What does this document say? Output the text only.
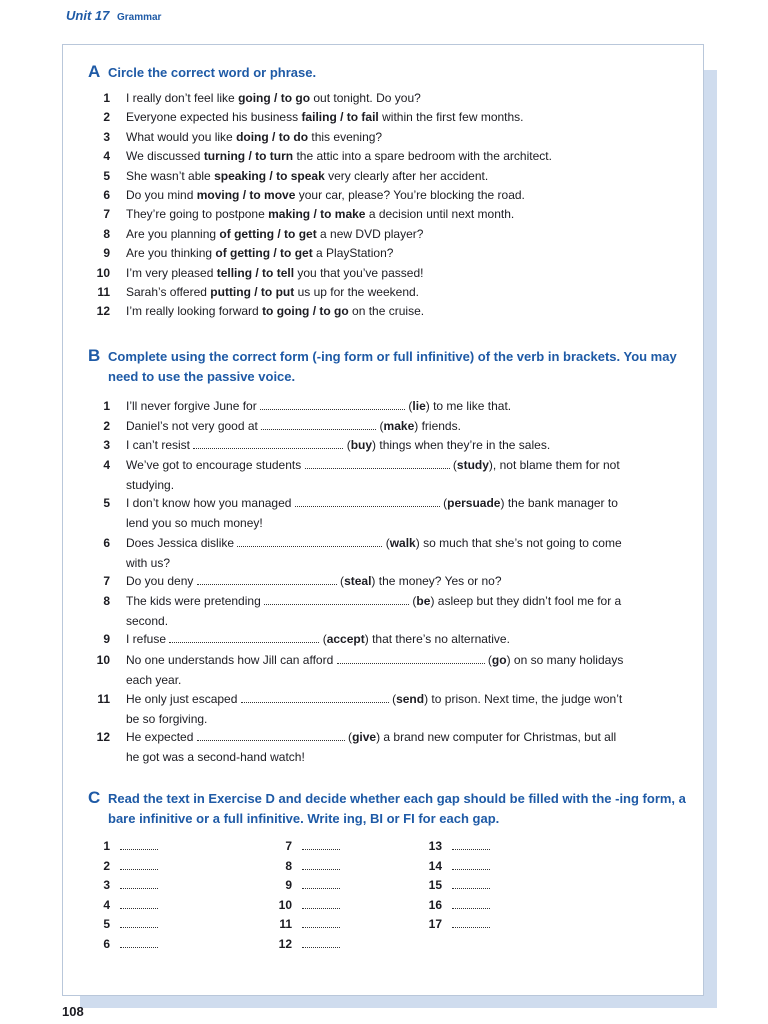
Unit 17 Grammar
A Circle the correct word or phrase.
1 I really don’t feel like going / to go out tonight. Do you?
2 Everyone expected his business failing / to fail within the first few months.
3 What would you like doing / to do this evening?
4 We discussed turning / to turn the attic into a spare bedroom with the architect.
5 She wasn’t able speaking / to speak very clearly after her accident.
6 Do you mind moving / to move your car, please? You’re blocking the road.
7 They’re going to postpone making / to make a decision until next month.
8 Are you planning of getting / to get a new DVD player?
9 Are you thinking of getting / to get a PlayStation?
10 I’m very pleased telling / to tell you that you’ve passed!
11 Sarah’s offered putting / to put us up for the weekend.
12 I’m really looking forward to going / to go on the cruise.
B Complete using the correct form (-ing form or full infinitive) of the verb in brackets. You may
need to use the passive voice.
1 I’ll never forgive June for	(lie) to me like that.
2 Daniel’s not very good at	(make) friends.
3 I can’t resist	(buy) things when they’re in the sales.
4 We’ve got to encourage students	(study), not blame them for not
studying.
5 I don’t know how you managed	(persuade) the bank manager to
lend you so much money!
6 Does Jessica dislike	(walk) so much that she’s not going to come
with us?
7 Do you deny	(steal) the money? Yes or no?
8 The kids were pretending	(be) asleep but they didn’t fool me for a
second.
9 I refuse	(accept) that there’s no alternative.
10 No one understands how Jill can afford	(go) on so many holidays
each year.
11 He only just escaped	(send) to prison. Next time, the judge won’t
be so forgiving.
12 He expected	(give) a brand new computer for Christmas, but all
he got was a second-hand watch!
C Read the text in Exercise D and decide whether each gap should be filled with the -ing form, a
bare infinitive or a full infinitive. Write ing, BI or FI for each gap.
1
2
3
4
5
6
7
8
9
10
11
12
13
14
15
16
17
108
